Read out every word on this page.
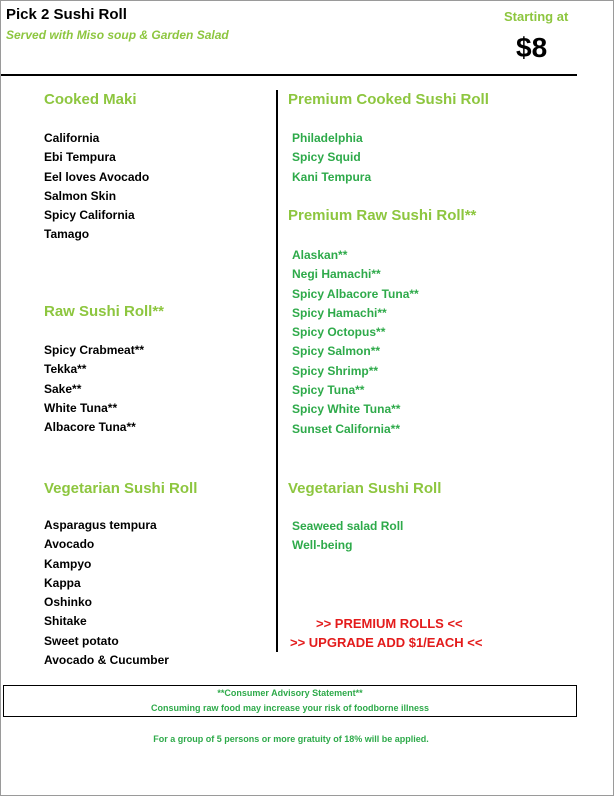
Pick 2 Sushi Roll
Served with Miso soup & Garden Salad
Starting at
$8
Cooked Maki
California
Ebi Tempura
Eel loves Avocado
Salmon Skin
Spicy California
Tamago
Raw Sushi Roll**
Spicy Crabmeat**
Tekka**
Sake**
White Tuna**
Albacore Tuna**
Vegetarian Sushi Roll
Asparagus tempura
Avocado
Kampyo
Kappa
Oshinko
Shitake
Sweet potato
Avocado & Cucumber
Premium Cooked Sushi Roll
Philadelphia
Spicy Squid
Kani Tempura
Premium Raw Sushi Roll**
Alaskan**
Negi Hamachi**
Spicy Albacore Tuna**
Spicy Hamachi**
Spicy Octopus**
Spicy Salmon**
Spicy Shrimp**
Spicy Tuna**
Spicy White Tuna**
Sunset California**
Vegetarian Sushi Roll
Seaweed salad Roll
Well-being
>> PREMIUM ROLLS <<
>> UPGRADE ADD $1/EACH <<
**Consumer Advisory Statement**
Consuming raw food may increase your risk of foodborne illness
For a group of 5 persons or more gratuity of 18% will be applied.
